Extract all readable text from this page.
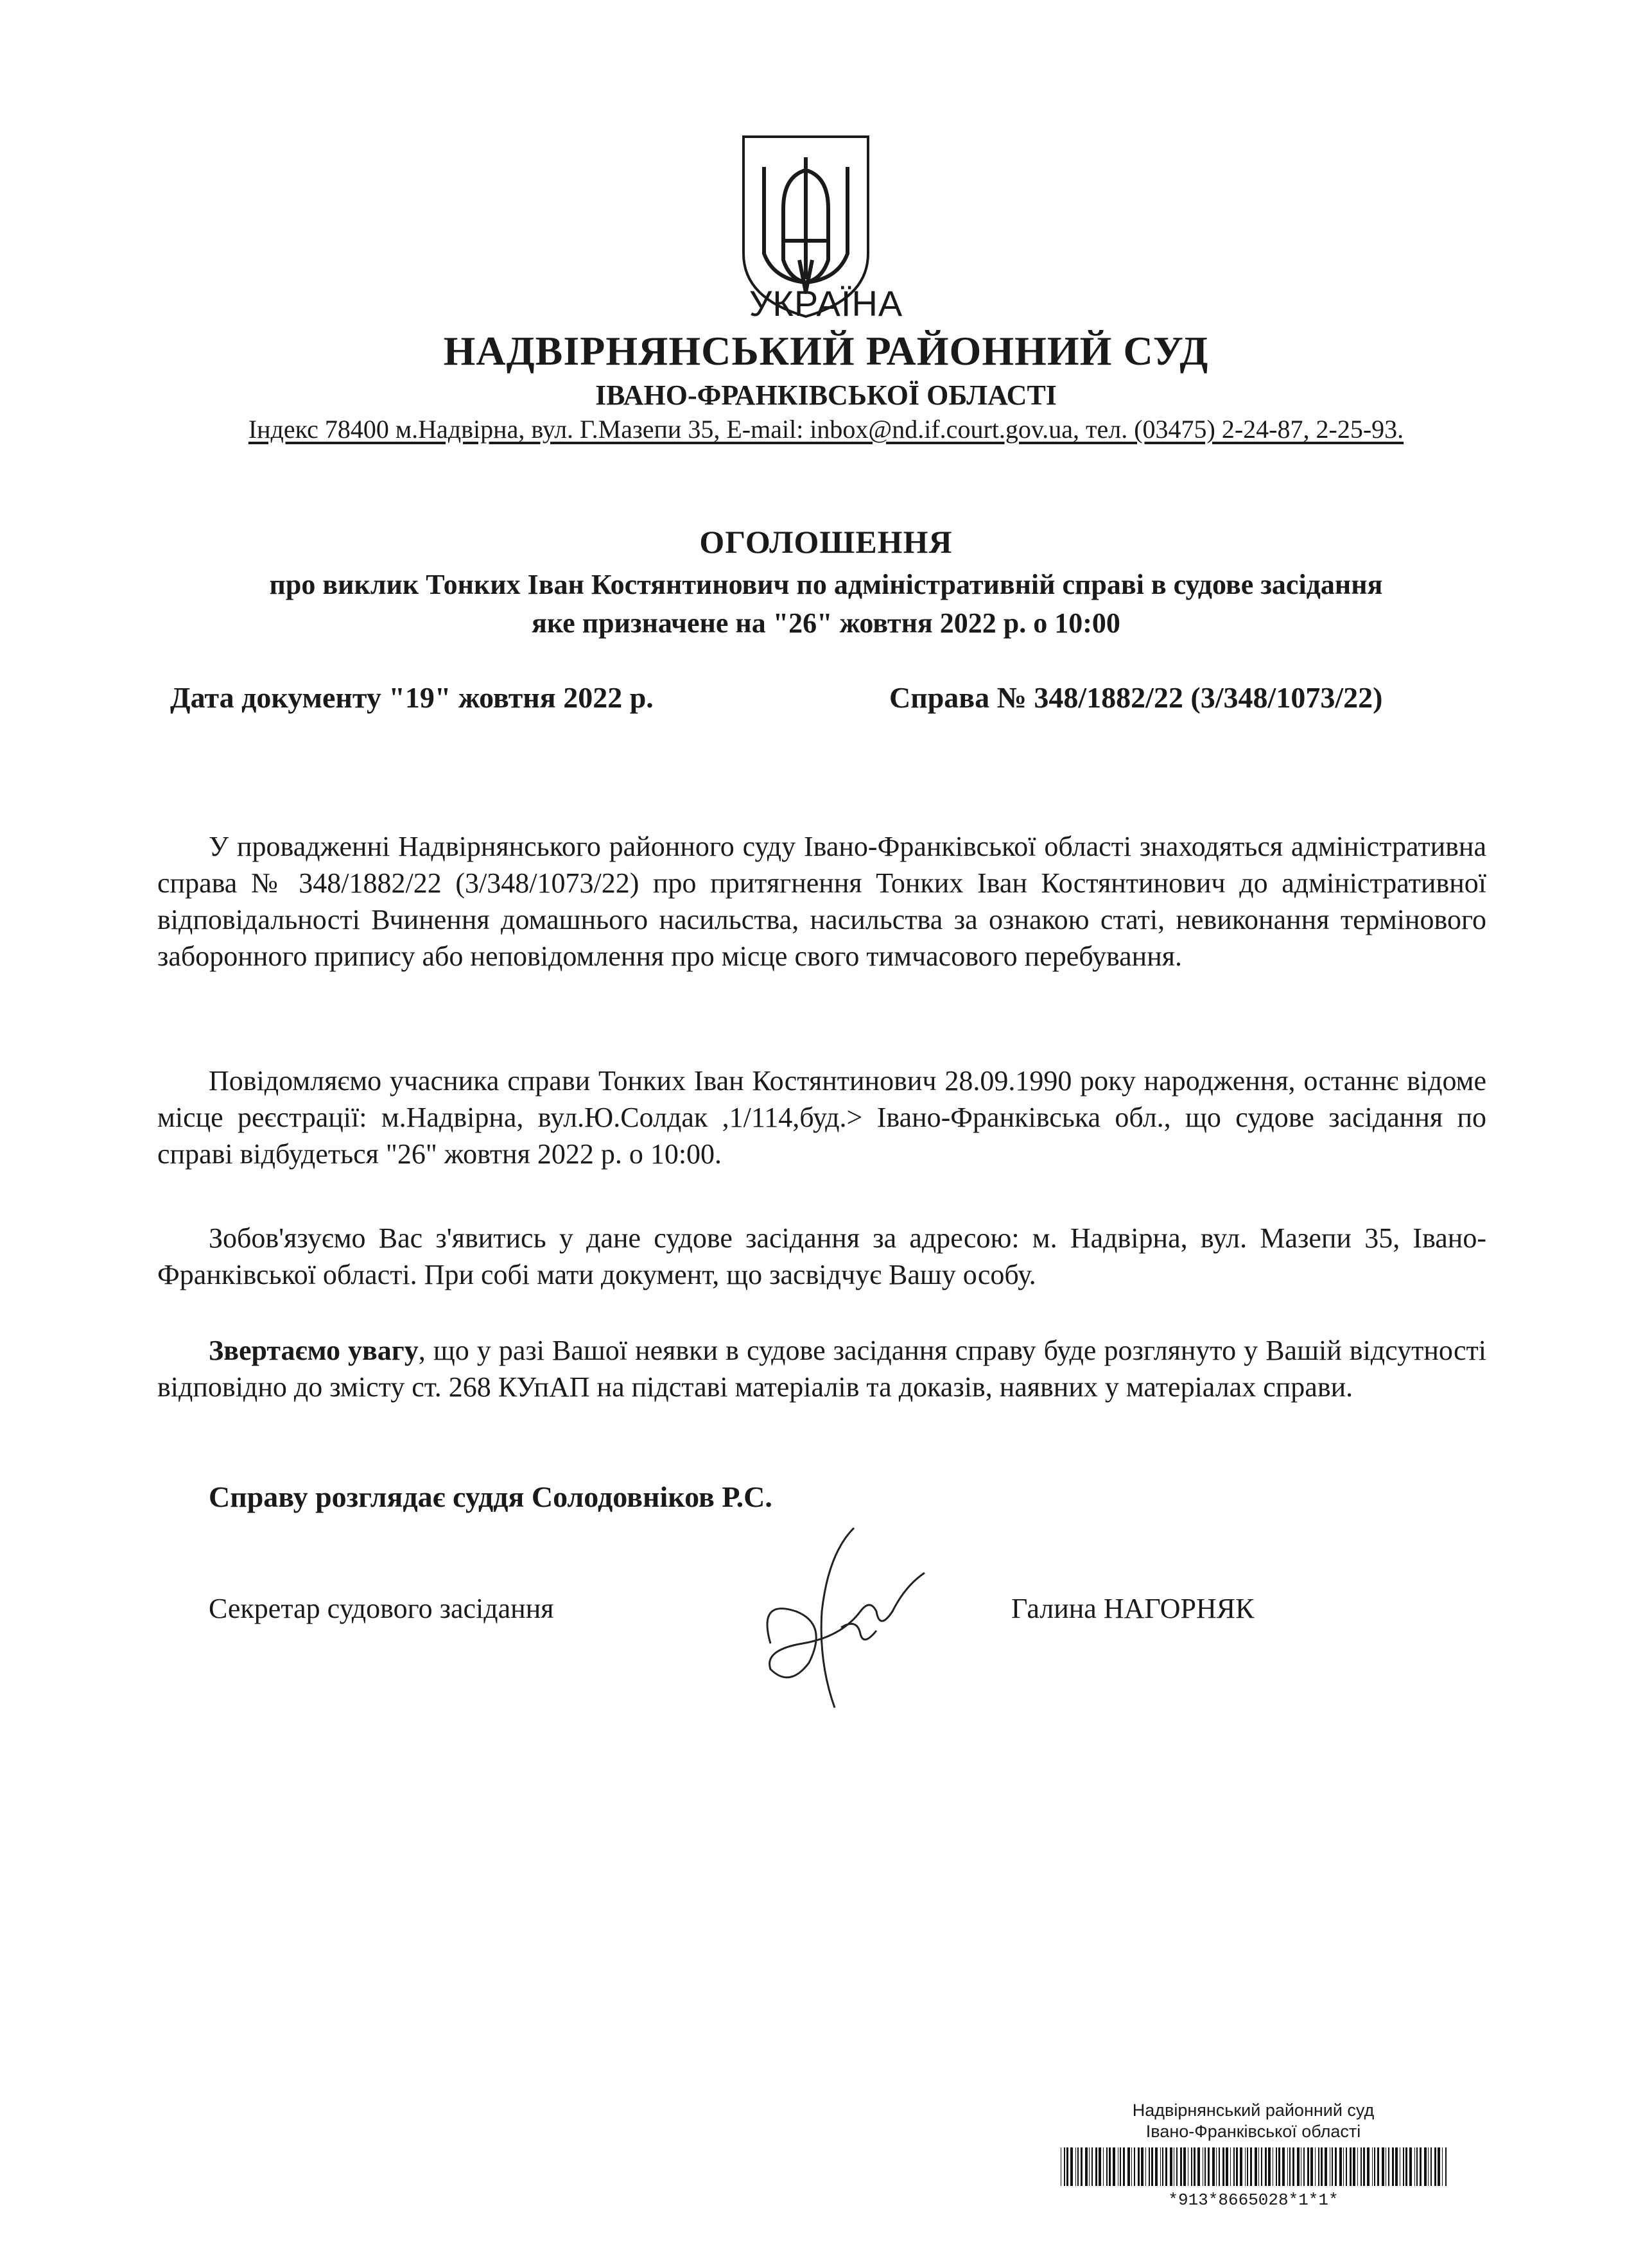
УКРАЇНА
НАДВІРНЯНСЬКИЙ РАЙОННИЙ СУД
ІВАНО-ФРАНКІВСЬКОЇ ОБЛАСТІ
Індекс 78400 м.Надвірна, вул. Г.Мазепи 35, E-mail: inbox@nd.if.court.gov.ua, тел. (03475) 2-24-87, 2-25-93.
ОГОЛОШЕННЯ
про виклик Тонких Іван Костянтинович по адміністративній справі в судове засідання
яке призначене на "26" жовтня 2022 р. о 10:00
Дата документу "19" жовтня 2022 р.	Справа № 348/1882/22 (3/348/1073/22)

У провадженні Надвірнянського районного суду Івано-Франківської області знаходяться адміністративна справа № 348/1882/22 (3/348/1073/22) про притягнення Тонких Іван Костянтинович до адміністративної відповідальності Вчинення домашнього насильства, насильства за ознакою статі, невиконання термінового заборонного припису або неповідомлення про місце свого тимчасового перебування.

Повідомляємо учасника справи Тонких Іван Костянтинович 28.09.1990 року народження, останнє відоме місце реєстрації: м.Надвірна, вул.Ю.Солдак ,1/114,буд.> Івано-Франківська обл., що судове засідання по справі відбудеться "26" жовтня 2022 р. о 10:00.

Зобов'язуємо Вас з'явитись у дане судове засідання за адресою: м. Надвірна, вул. Мазепи 35, Івано-Франківської області. При собі мати документ, що засвідчує Вашу особу.

Звертаємо увагу, що у разі Вашої неявки в судове засідання справу буде розглянуто у Вашій відсутності відповідно до змісту ст. 268 КУпАП на підставі матеріалів та доказів, наявних у матеріалах справи.

Справу розглядає суддя Солодовніков Р.С.
Секретар судового засідання	Галина НАГОРНЯК
Надвірнянський районний суд
Івано-Франківської області
*913*8665028*1*1*
